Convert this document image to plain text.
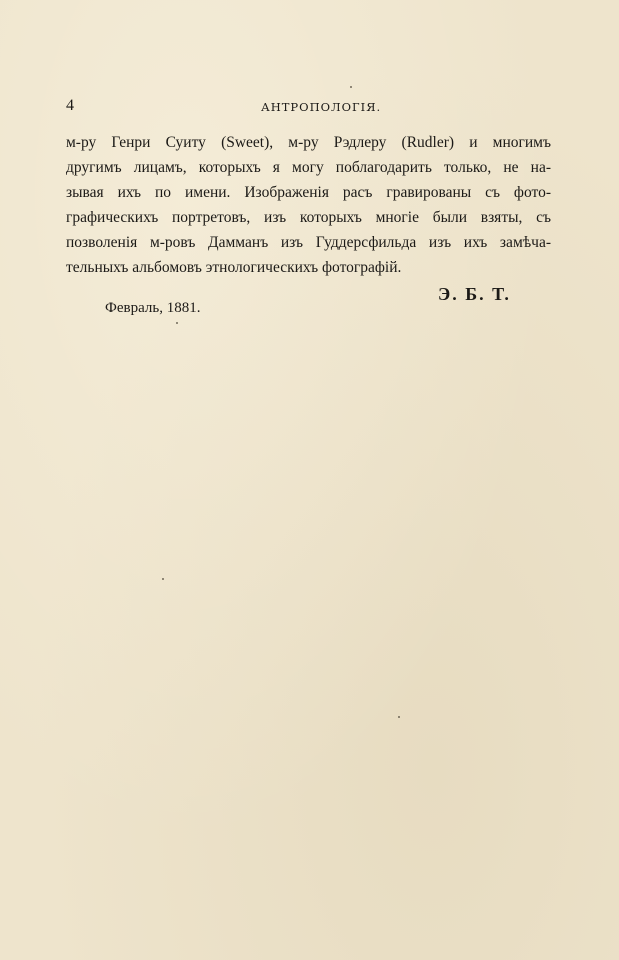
4	АНТРОПОЛОГІЯ.
м-ру Генри Суиту (Sweet), м-ру Рэдлеру (Rudler) и многимъ
другимъ лицамъ, которыхъ я могу поблагодарить только, не на-
зывая ихъ по имени. Изображенія расъ гравированы съ фото-
графическихъ портретовъ, изъ которыхъ многіе были взяты, съ
позволенія м-ровъ Дамманъ изъ Гуддерсфильда изъ ихъ замѣча-
тельныхъ альбомовъ этнологическихъ фотографій.
Февраль, 1881.
Э. Б. Т.
